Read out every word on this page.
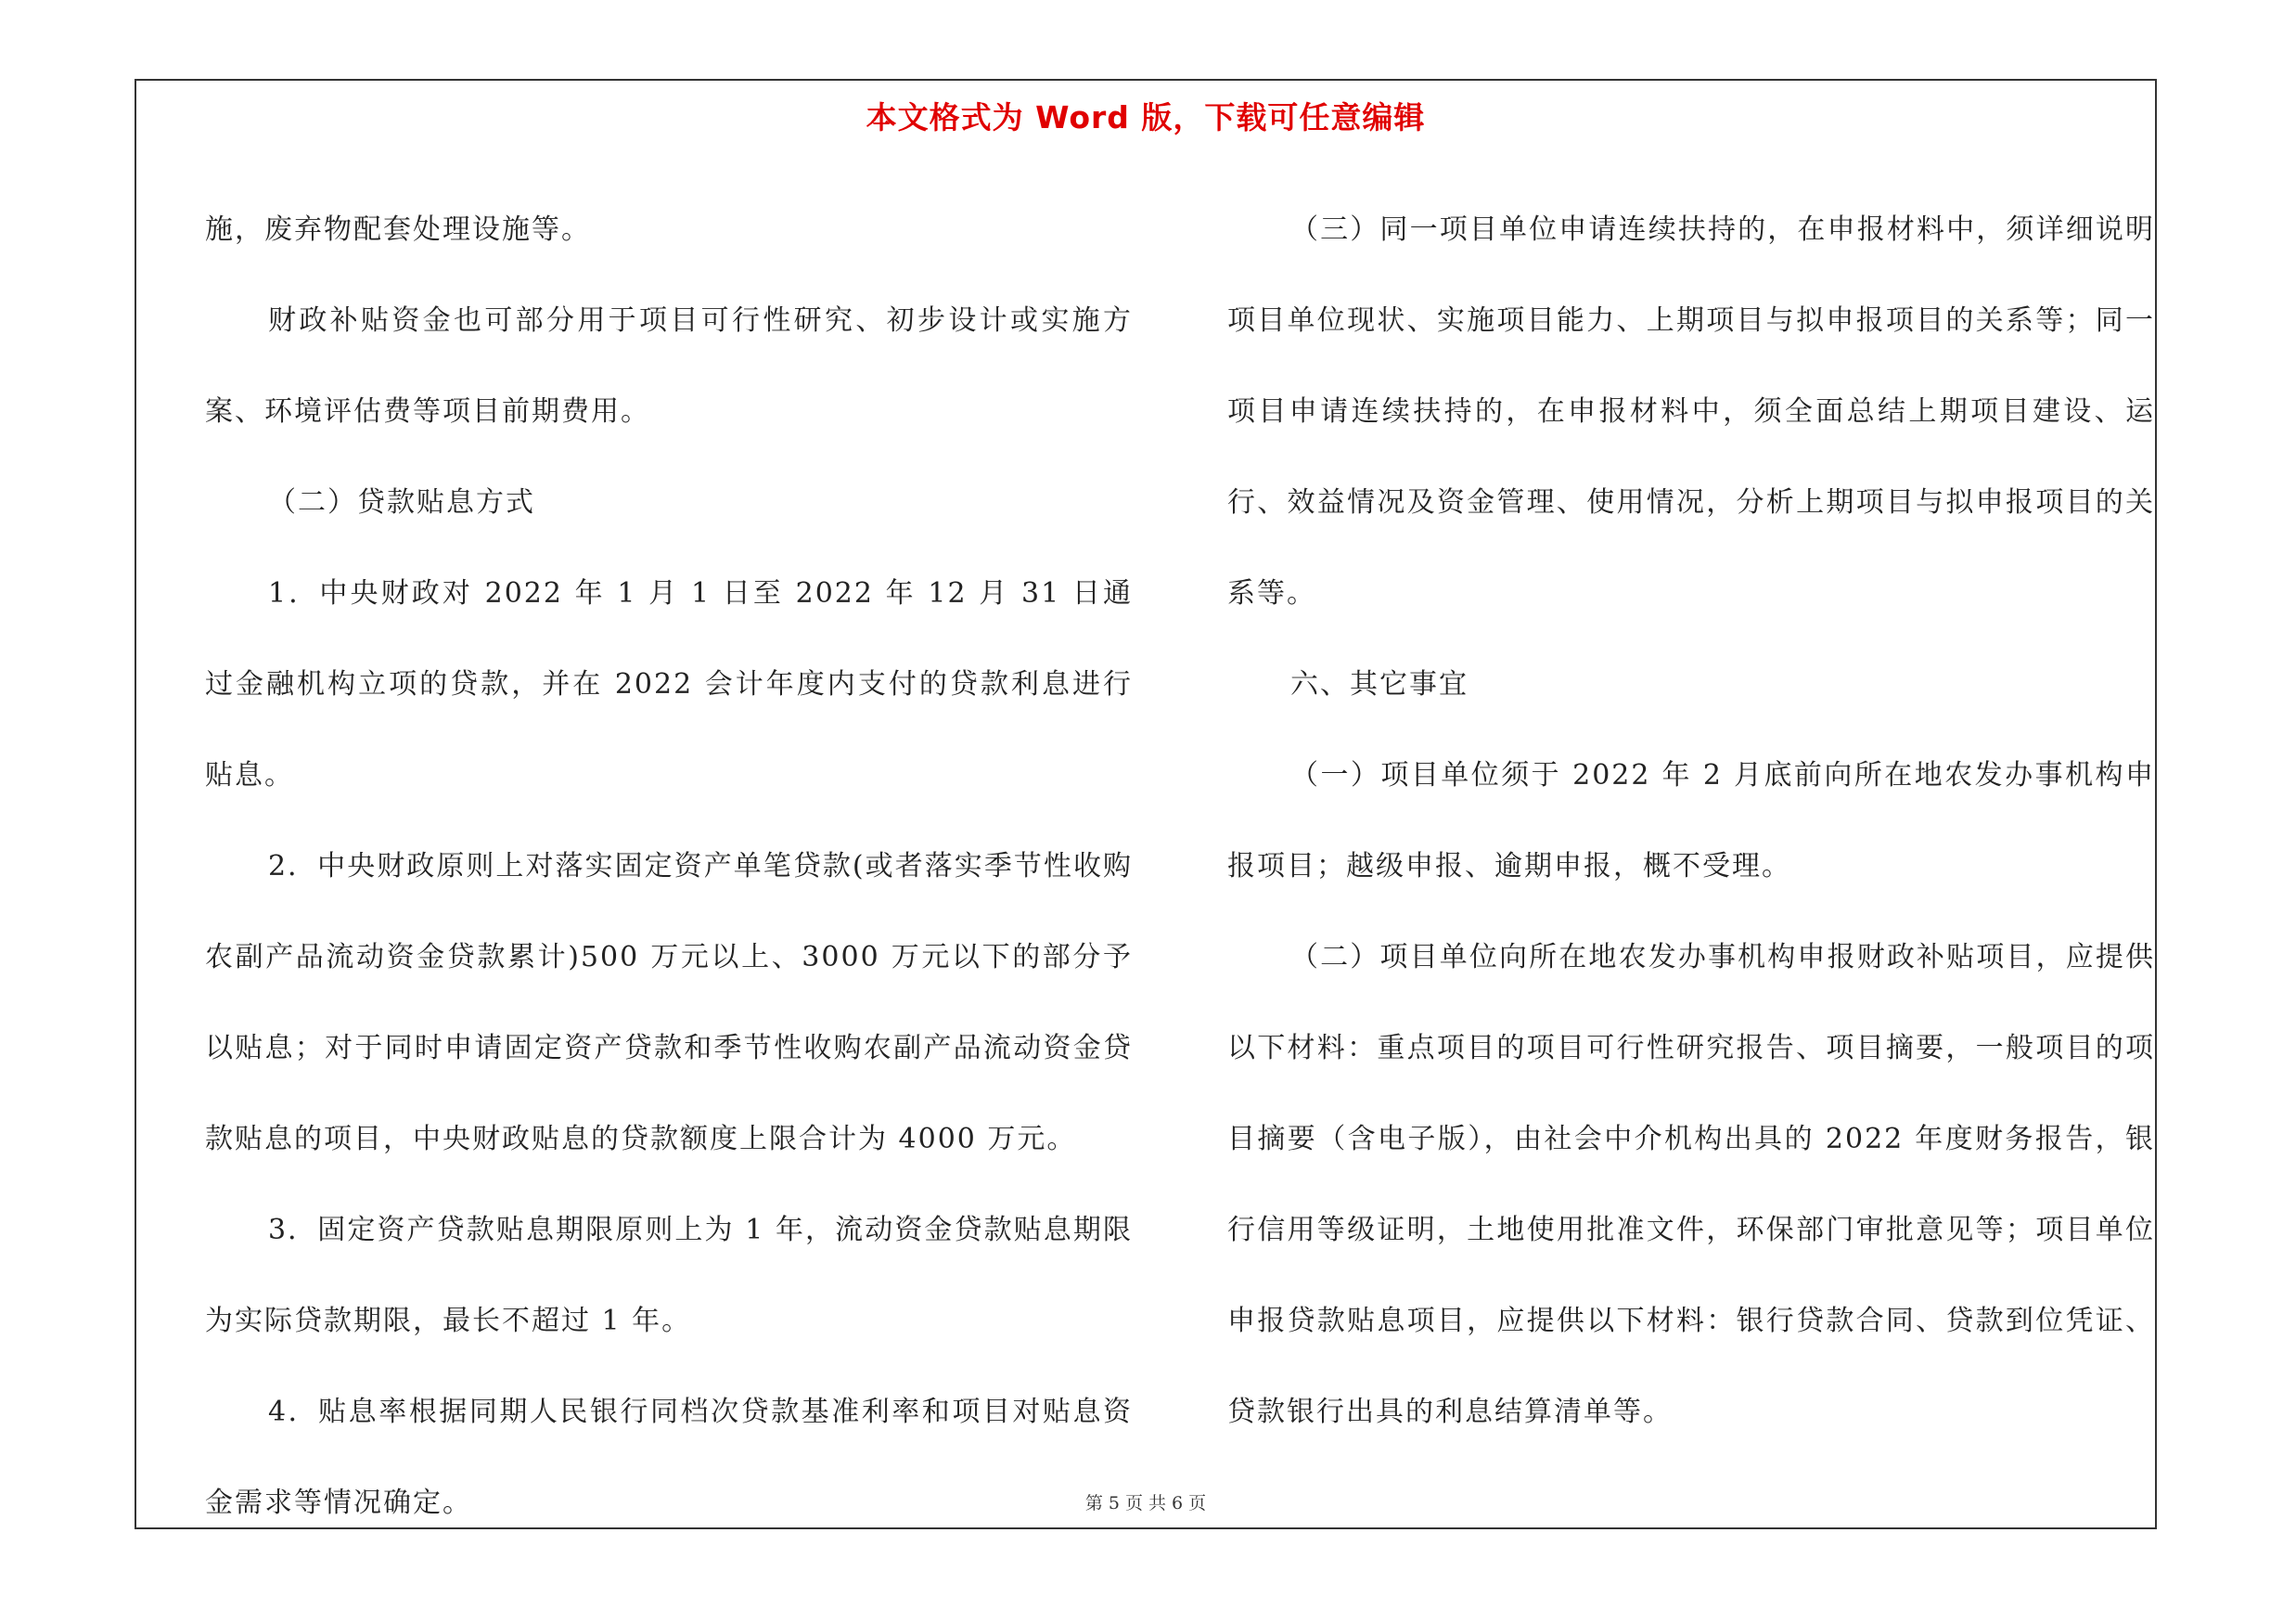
本文格式为 Word 版，下载可任意编辑

施，废弃物配套处理设施等。

财政补贴资金也可部分用于项目可行性研究、初步设计或实施方案、环境评估费等项目前期费用。

（二）贷款贴息方式

1．中央财政对 2022 年 1 月 1 日至 2022 年 12 月 31 日通过金融机构立项的贷款，并在 2022 会计年度内支付的贷款利息进行贴息。

2．中央财政原则上对落实固定资产单笔贷款(或者落实季节性收购农副产品流动资金贷款累计)500 万元以上、3000 万元以下的部分予以贴息；对于同时申请固定资产贷款和季节性收购农副产品流动资金贷款贴息的项目，中央财政贴息的贷款额度上限合计为 4000 万元。

3．固定资产贷款贴息期限原则上为 1 年，流动资金贷款贴息期限为实际贷款期限，最长不超过 1 年。

4．贴息率根据同期人民银行同档次贷款基准利率和项目对贴息资金需求等情况确定。

（三）同一项目单位申请连续扶持的，在申报材料中，须详细说明项目单位现状、实施项目能力、上期项目与拟申报项目的关系等；同一项目申请连续扶持的，在申报材料中，须全面总结上期项目建设、运行、效益情况及资金管理、使用情况，分析上期项目与拟申报项目的关系等。

六、其它事宜

（一）项目单位须于 2022 年 2 月底前向所在地农发办事机构申报项目；越级申报、逾期申报，概不受理。

（二）项目单位向所在地农发办事机构申报财政补贴项目，应提供以下材料：重点项目的项目可行性研究报告、项目摘要，一般项目的项目摘要（含电子版），由社会中介机构出具的 2022 年度财务报告，银行信用等级证明，土地使用批准文件，环保部门审批意见等；项目单位申报贷款贴息项目，应提供以下材料：银行贷款合同、贷款到位凭证、贷款银行出具的利息结算清单等。

第 5 页 共 6 页
